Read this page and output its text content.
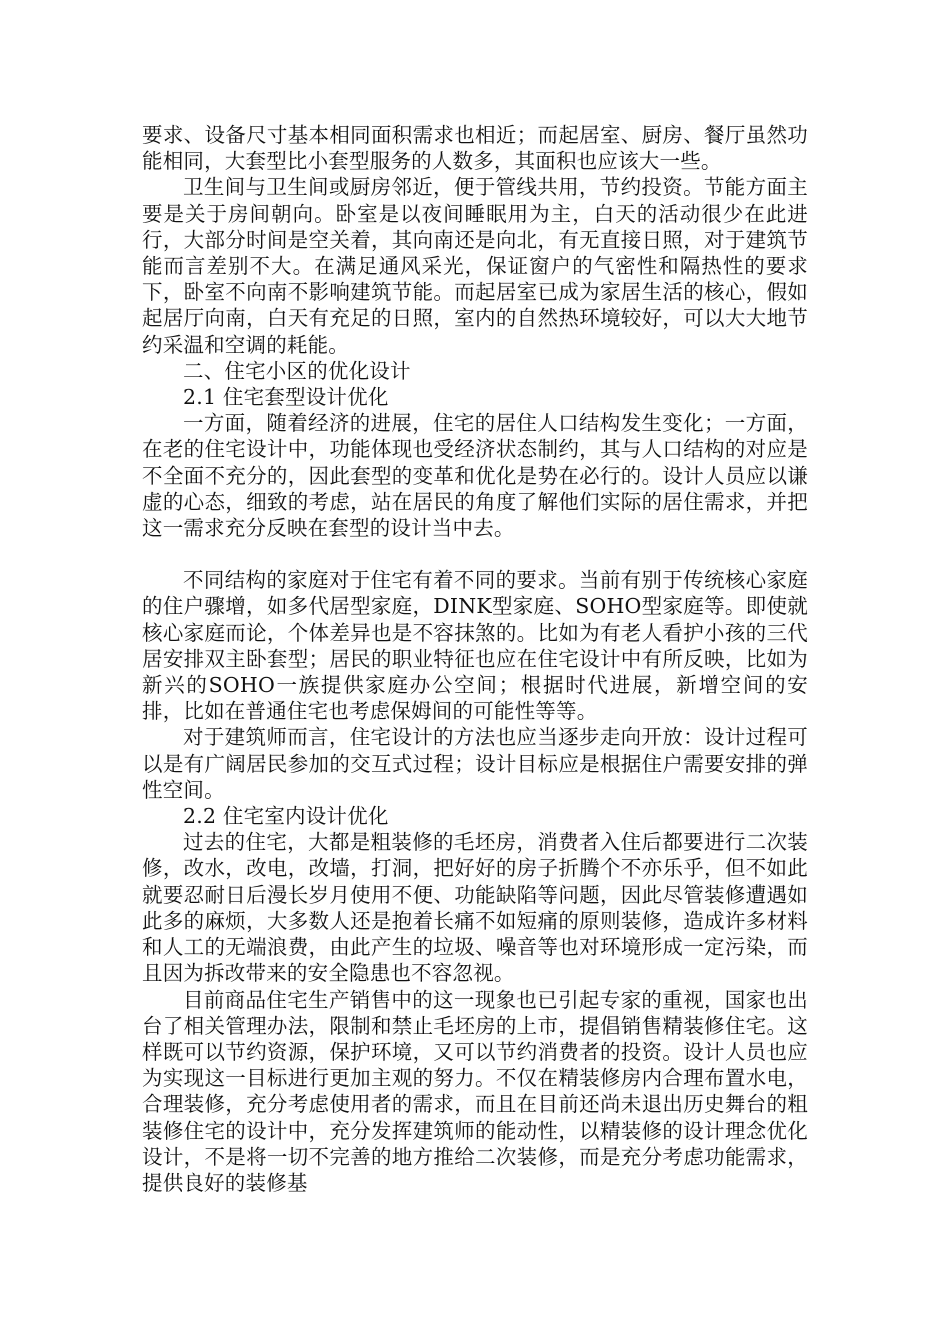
要求、设备尺寸基本相同面积需求也相近；而起居室、厨房、餐厅虽然功能相同，大套型比小套型服务的人数多，其面积也应该大一些。

卫生间与卫生间或厨房邻近，便于管线共用，节约投资。节能方面主要是关于房间朝向。卧室是以夜间睡眠用为主，白天的活动很少在此进行，大部分时间是空关着，其向南还是向北，有无直接日照，对于建筑节能而言差别不大。在满足通风采光，保证窗户的气密性和隔热性的要求下，卧室不向南不影响建筑节能。而起居室已成为家居生活的核心，假如起居厅向南，白天有充足的日照，室内的自然热环境较好，可以大大地节约采温和空调的耗能。

二、住宅小区的优化设计

2.1 住宅套型设计优化

一方面，随着经济的进展，住宅的居住人口结构发生变化；一方面，在老的住宅设计中，功能体现也受经济状态制约，其与人口结构的对应是不全面不充分的，因此套型的变革和优化是势在必行的。设计人员应以谦虚的心态，细致的考虑，站在居民的角度了解他们实际的居住需求，并把这一需求充分反映在套型的设计当中去。

不同结构的家庭对于住宅有着不同的要求。当前有别于传统核心家庭的住户骤增，如多代居型家庭，DINK型家庭、SOHO型家庭等。即使就核心家庭而论，个体差异也是不容抹煞的。比如为有老人看护小孩的三代居安排双主卧套型；居民的职业特征也应在住宅设计中有所反映，比如为新兴的SOHO一族提供家庭办公空间；根据时代进展，新增空间的安排，比如在普通住宅也考虑保姆间的可能性等等。

对于建筑师而言，住宅设计的方法也应当逐步走向开放：设计过程可以是有广阔居民参加的交互式过程；设计目标应是根据住户需要安排的弹性空间。

2.2 住宅室内设计优化

过去的住宅，大都是粗装修的毛坯房，消费者入住后都要进行二次装修，改水，改电，改墙，打洞，把好好的房子折腾个不亦乐乎，但不如此就要忍耐日后漫长岁月使用不便、功能缺陷等问题，因此尽管装修遭遇如此多的麻烦，大多数人还是抱着长痛不如短痛的原则装修，造成许多材料和人工的无端浪费，由此产生的垃圾、噪音等也对环境形成一定污染，而且因为拆改带来的安全隐患也不容忽视。

目前商品住宅生产销售中的这一现象也已引起专家的重视，国家也出台了相关管理办法，限制和禁止毛坯房的上市，提倡销售精装修住宅。这样既可以节约资源，保护环境，又可以节约消费者的投资。设计人员也应为实现这一目标进行更加主观的努力。不仅在精装修房内合理布置水电，合理装修，充分考虑使用者的需求，而且在目前还尚未退出历史舞台的粗装修住宅的设计中，充分发挥建筑师的能动性，以精装修的设计理念优化设计，不是将一切不完善的地方推给二次装修，而是充分考虑功能需求，提供良好的装修基
